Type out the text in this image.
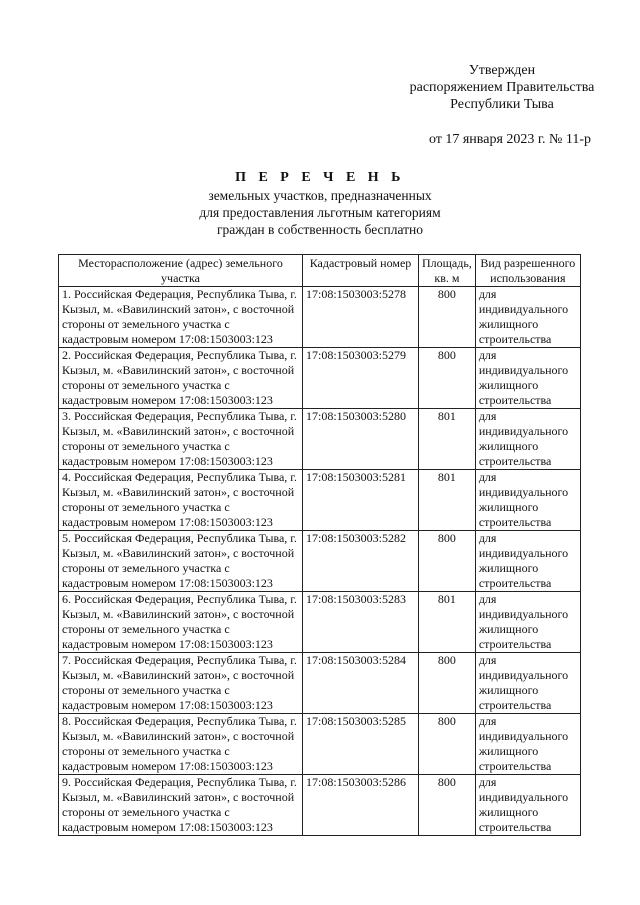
Утвержден
распоряжением Правительства
Республики Тыва
от 17 января 2023 г. № 11-р
П Е Р Е Ч Е Н Ь
земельных участков, предназначенных
для предоставления льготным категориям
граждан в собственность бесплатно
Месторасположение (адрес) земельного участка	Кадастровый номер	Площадь, кв. м	Вид разрешенного использования
1. Российская Федерация, Республика Тыва, г. Кызыл, м. «Вавилинский затон», с восточной стороны от земельного участка с кадастровым номером 17:08:1503003:123	17:08:1503003:5278	800	для индивидуального жилищного строительства
2. Российская Федерация, Республика Тыва, г. Кызыл, м. «Вавилинский затон», с восточной стороны от земельного участка с кадастровым номером 17:08:1503003:123	17:08:1503003:5279	800	для индивидуального жилищного строительства
3. Российская Федерация, Республика Тыва, г. Кызыл, м. «Вавилинский затон», с восточной стороны от земельного участка с кадастровым номером 17:08:1503003:123	17:08:1503003:5280	801	для индивидуального жилищного строительства
4. Российская Федерация, Республика Тыва, г. Кызыл, м. «Вавилинский затон», с восточной стороны от земельного участка с кадастровым номером 17:08:1503003:123	17:08:1503003:5281	801	для индивидуального жилищного строительства
5. Российская Федерация, Республика Тыва, г. Кызыл, м. «Вавилинский затон», с восточной стороны от земельного участка с кадастровым номером 17:08:1503003:123	17:08:1503003:5282	800	для индивидуального жилищного строительства
6. Российская Федерация, Республика Тыва, г. Кызыл, м. «Вавилинский затон», с восточной стороны от земельного участка с кадастровым номером 17:08:1503003:123	17:08:1503003:5283	801	для индивидуального жилищного строительства
7. Российская Федерация, Республика Тыва, г. Кызыл, м. «Вавилинский затон», с восточной стороны от земельного участка с кадастровым номером 17:08:1503003:123	17:08:1503003:5284	800	для индивидуального жилищного строительства
8. Российская Федерация, Республика Тыва, г. Кызыл, м. «Вавилинский затон», с восточной стороны от земельного участка с кадастровым номером 17:08:1503003:123	17:08:1503003:5285	800	для индивидуального жилищного строительства
9. Российская Федерация, Республика Тыва, г. Кызыл, м. «Вавилинский затон», с восточной стороны от земельного участка с кадастровым номером 17:08:1503003:123	17:08:1503003:5286	800	для индивидуального жилищного строительства
